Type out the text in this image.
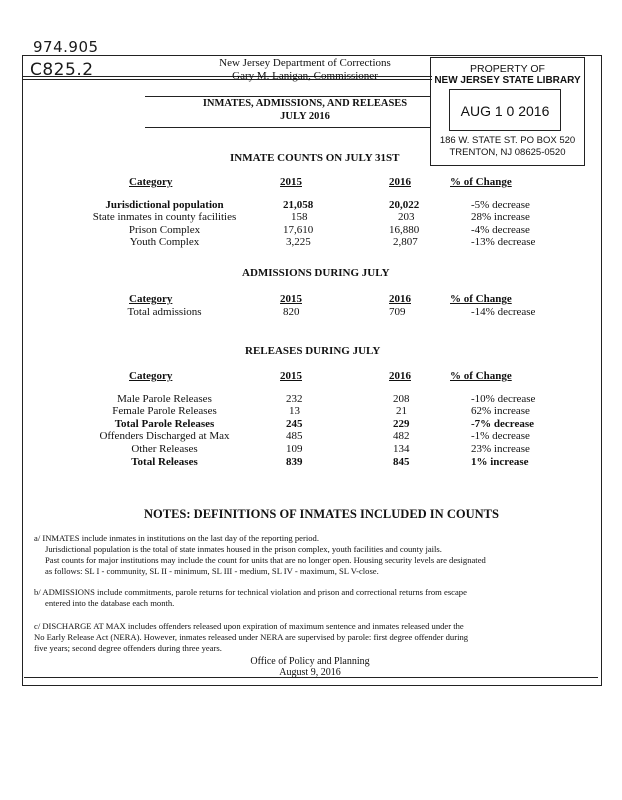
974.905
C825.2	New Jersey Department of Corrections
Gary M. Lanigan, Commissioner
INMATES, ADMISSIONS, AND RELEASES
JULY 2016
PROPERTY OF
NEW JERSEY STATE LIBRARY
AUG 1 0 2016
186 W. STATE ST. PO BOX 520
TRENTON, NJ 08625-0520
INMATE COUNTS ON JULY 31ST
Category	2015	2016	% of Change

Jurisdictional population	21,058	20,022	-5% decrease
State inmates in county facilities	158	203	28% increase
Prison Complex	17,610	16,880	-4% decrease
Youth Complex	3,225	2,807	-13% decrease
ADMISSIONS DURING JULY
Category	2015	2016	% of Change
Total admissions	820	709	-14% decrease
RELEASES DURING JULY
Category	2015	2016	% of Change

Male Parole Releases	232	208	-10% decrease
Female Parole Releases	13	21	62% increase
Total Parole Releases	245	229	-7% decrease
Offenders Discharged at Max	485	482	-1% decrease
Other Releases	109	134	23% increase
Total Releases	839	845	1% increase
NOTES: DEFINITIONS OF INMATES INCLUDED IN COUNTS
a/ INMATES include inmates in institutions on the last day of the reporting period.
Jurisdictional population is the total of state inmates housed in the prison complex, youth facilities and county jails.
Past counts for major institutions may include the count for units that are no longer open. Housing security levels are designated
as follows: SL I - community, SL II - minimum, SL III - medium, SL IV - maximum, SL V-close.
b/ ADMISSIONS include commitments, parole returns for technical violation and prison and correctional returns from escape
entered into the database each month.
c/ DISCHARGE AT MAX includes offenders released upon expiration of maximum sentence and inmates released under the
No Early Release Act (NERA). However, inmates released under NERA are supervised by parole: first degree offender during
five years; second degree offenders during three years.
Office of Policy and Planning
August 9, 2016
